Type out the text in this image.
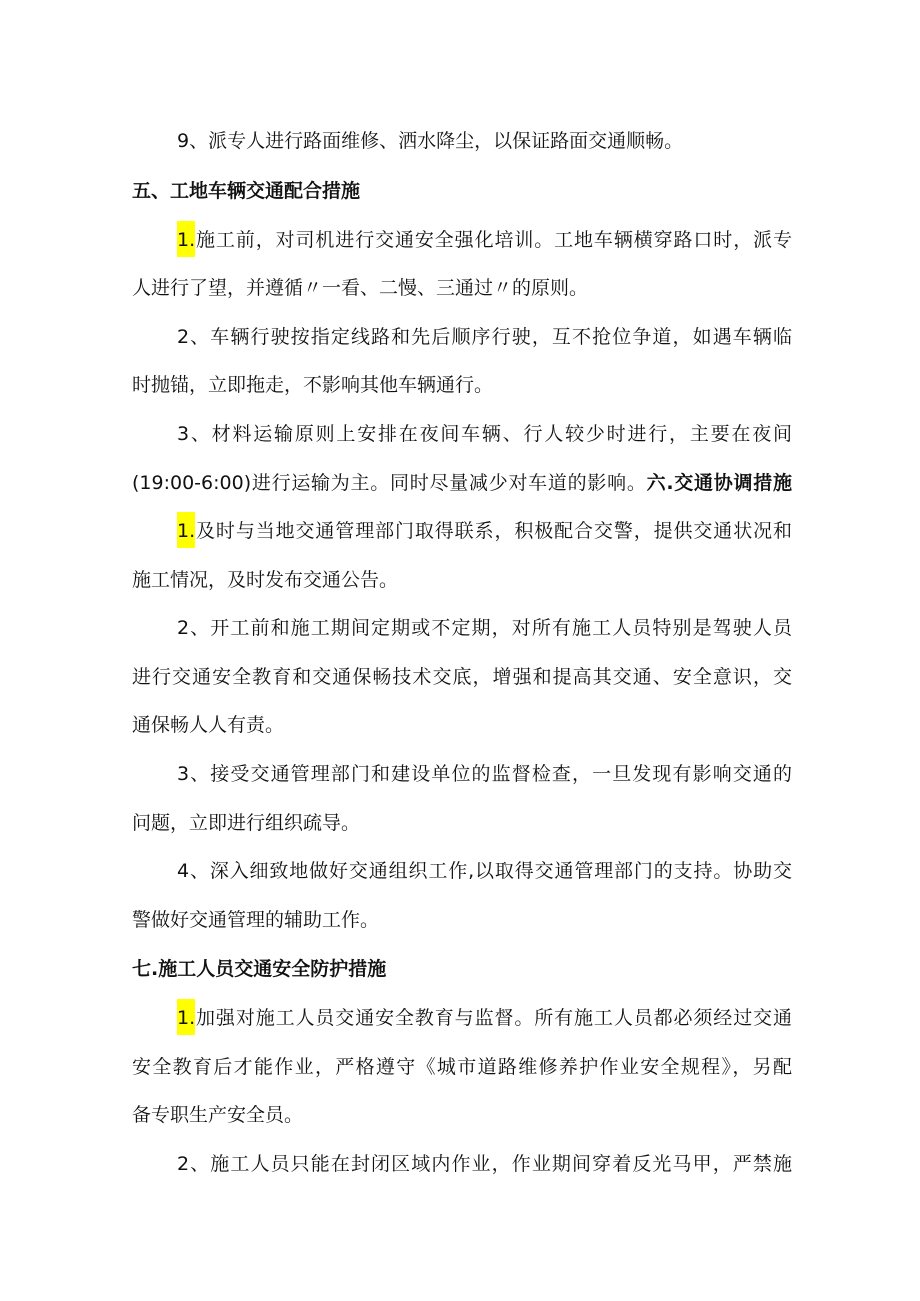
9、派专人进行路面维修、洒水降尘，以保证路面交通顺畅。
五、工地车辆交通配合措施
1.施工前，对司机进行交通安全强化培训。工地车辆横穿路口时，派专
人进行了望，并遵循〃一看、二慢、三通过〃的原则。
2、车辆行驶按指定线路和先后顺序行驶，互不抢位争道，如遇车辆临
时抛锚，立即拖走，不影响其他车辆通行。
3、材料运输原则上安排在夜间车辆、行人较少时进行，主要在夜间
(19:00-6:00)进行运输为主。同时尽量减少对车道的影响。六.交通协调措施
1.及时与当地交通管理部门取得联系，积极配合交警，提供交通状况和
施工情况，及时发布交通公告。
2、开工前和施工期间定期或不定期，对所有施工人员特别是驾驶人员
进行交通安全教育和交通保畅技术交底，增强和提高其交通、安全意识，交
通保畅人人有责。
3、接受交通管理部门和建设单位的监督检查，一旦发现有影响交通的
问题，立即进行组织疏导。
4、深入细致地做好交通组织工作,以取得交通管理部门的支持。协助交
警做好交通管理的辅助工作。
七.施工人员交通安全防护措施
1.加强对施工人员交通安全教育与监督。所有施工人员都必须经过交通
安全教育后才能作业，严格遵守《城市道路维修养护作业安全规程》，另配
备专职生产安全员。
2、施工人员只能在封闭区域内作业，作业期间穿着反光马甲，严禁施
